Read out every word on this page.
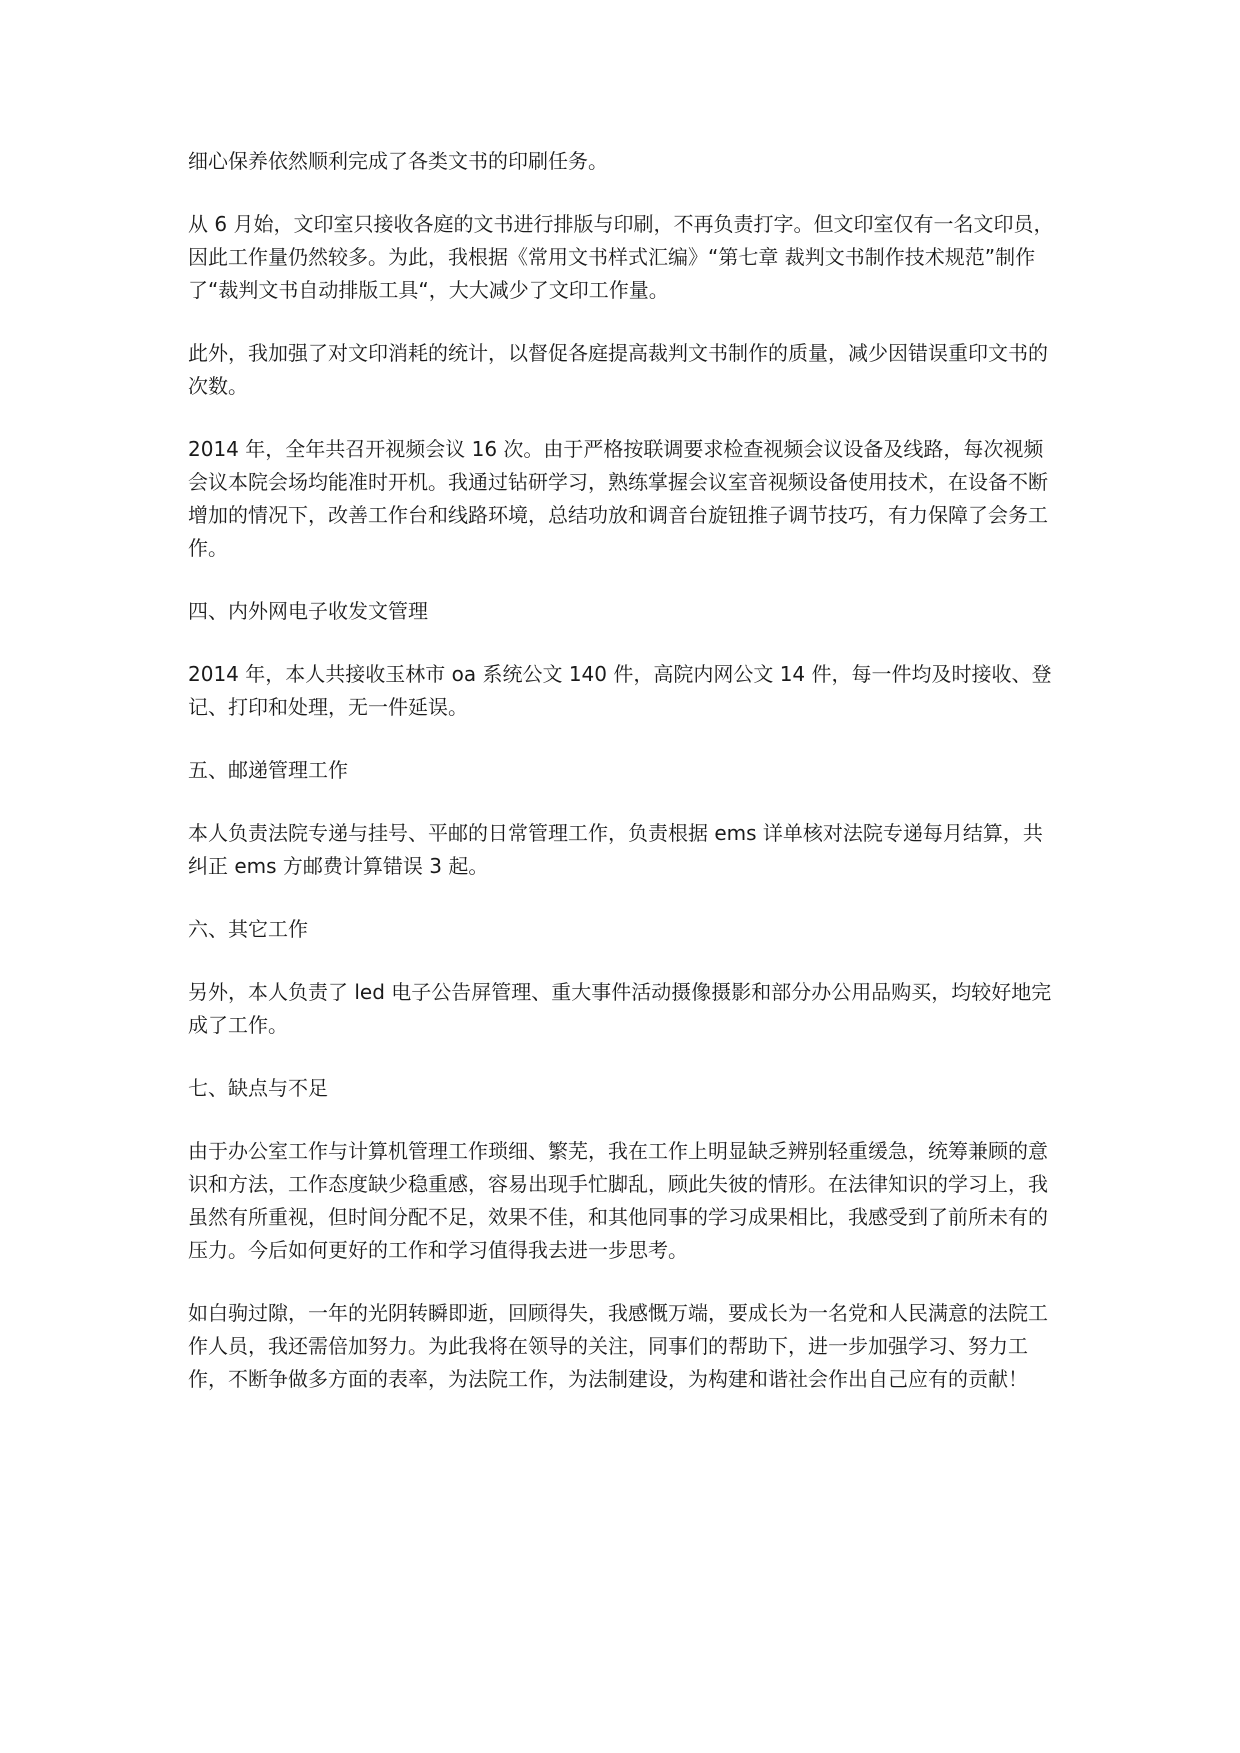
细心保养依然顺利完成了各类文书的印刷任务。

从 6 月始，文印室只接收各庭的文书进行排版与印刷，不再负责打字。但文印室仅有一名文印员，因此工作量仍然较多。为此，我根据《常用文书样式汇编》“第七章 裁判文书制作技术规范”制作了“裁判文书自动排版工具“，大大减少了文印工作量。

此外，我加强了对文印消耗的统计，以督促各庭提高裁判文书制作的质量，减少因错误重印文书的次数。

2014 年，全年共召开视频会议 16 次。由于严格按联调要求检查视频会议设备及线路，每次视频会议本院会场均能准时开机。我通过钻研学习，熟练掌握会议室音视频设备使用技术，在设备不断增加的情况下，改善工作台和线路环境，总结功放和调音台旋钮推子调节技巧，有力保障了会务工作。

四、内外网电子收发文管理

2014 年，本人共接收玉林市 oa 系统公文 140 件，高院内网公文 14 件，每一件均及时接收、登记、打印和处理，无一件延误。

五、邮递管理工作

本人负责法院专递与挂号、平邮的日常管理工作，负责根据 ems 详单核对法院专递每月结算，共纠正 ems 方邮费计算错误 3 起。

六、其它工作

另外，本人负责了 led 电子公告屏管理、重大事件活动摄像摄影和部分办公用品购买，均较好地完成了工作。

七、缺点与不足

由于办公室工作与计算机管理工作琐细、繁芜，我在工作上明显缺乏辨别轻重缓急，统筹兼顾的意识和方法，工作态度缺少稳重感，容易出现手忙脚乱，顾此失彼的情形。在法律知识的学习上，我虽然有所重视，但时间分配不足，效果不佳，和其他同事的学习成果相比，我感受到了前所未有的压力。今后如何更好的工作和学习值得我去进一步思考。

如白驹过隙，一年的光阴转瞬即逝，回顾得失，我感慨万端，要成长为一名党和人民满意的法院工作人员，我还需倍加努力。为此我将在领导的关注，同事们的帮助下，进一步加强学习、努力工作，不断争做多方面的表率，为法院工作，为法制建设，为构建和谐社会作出自己应有的贡献！
